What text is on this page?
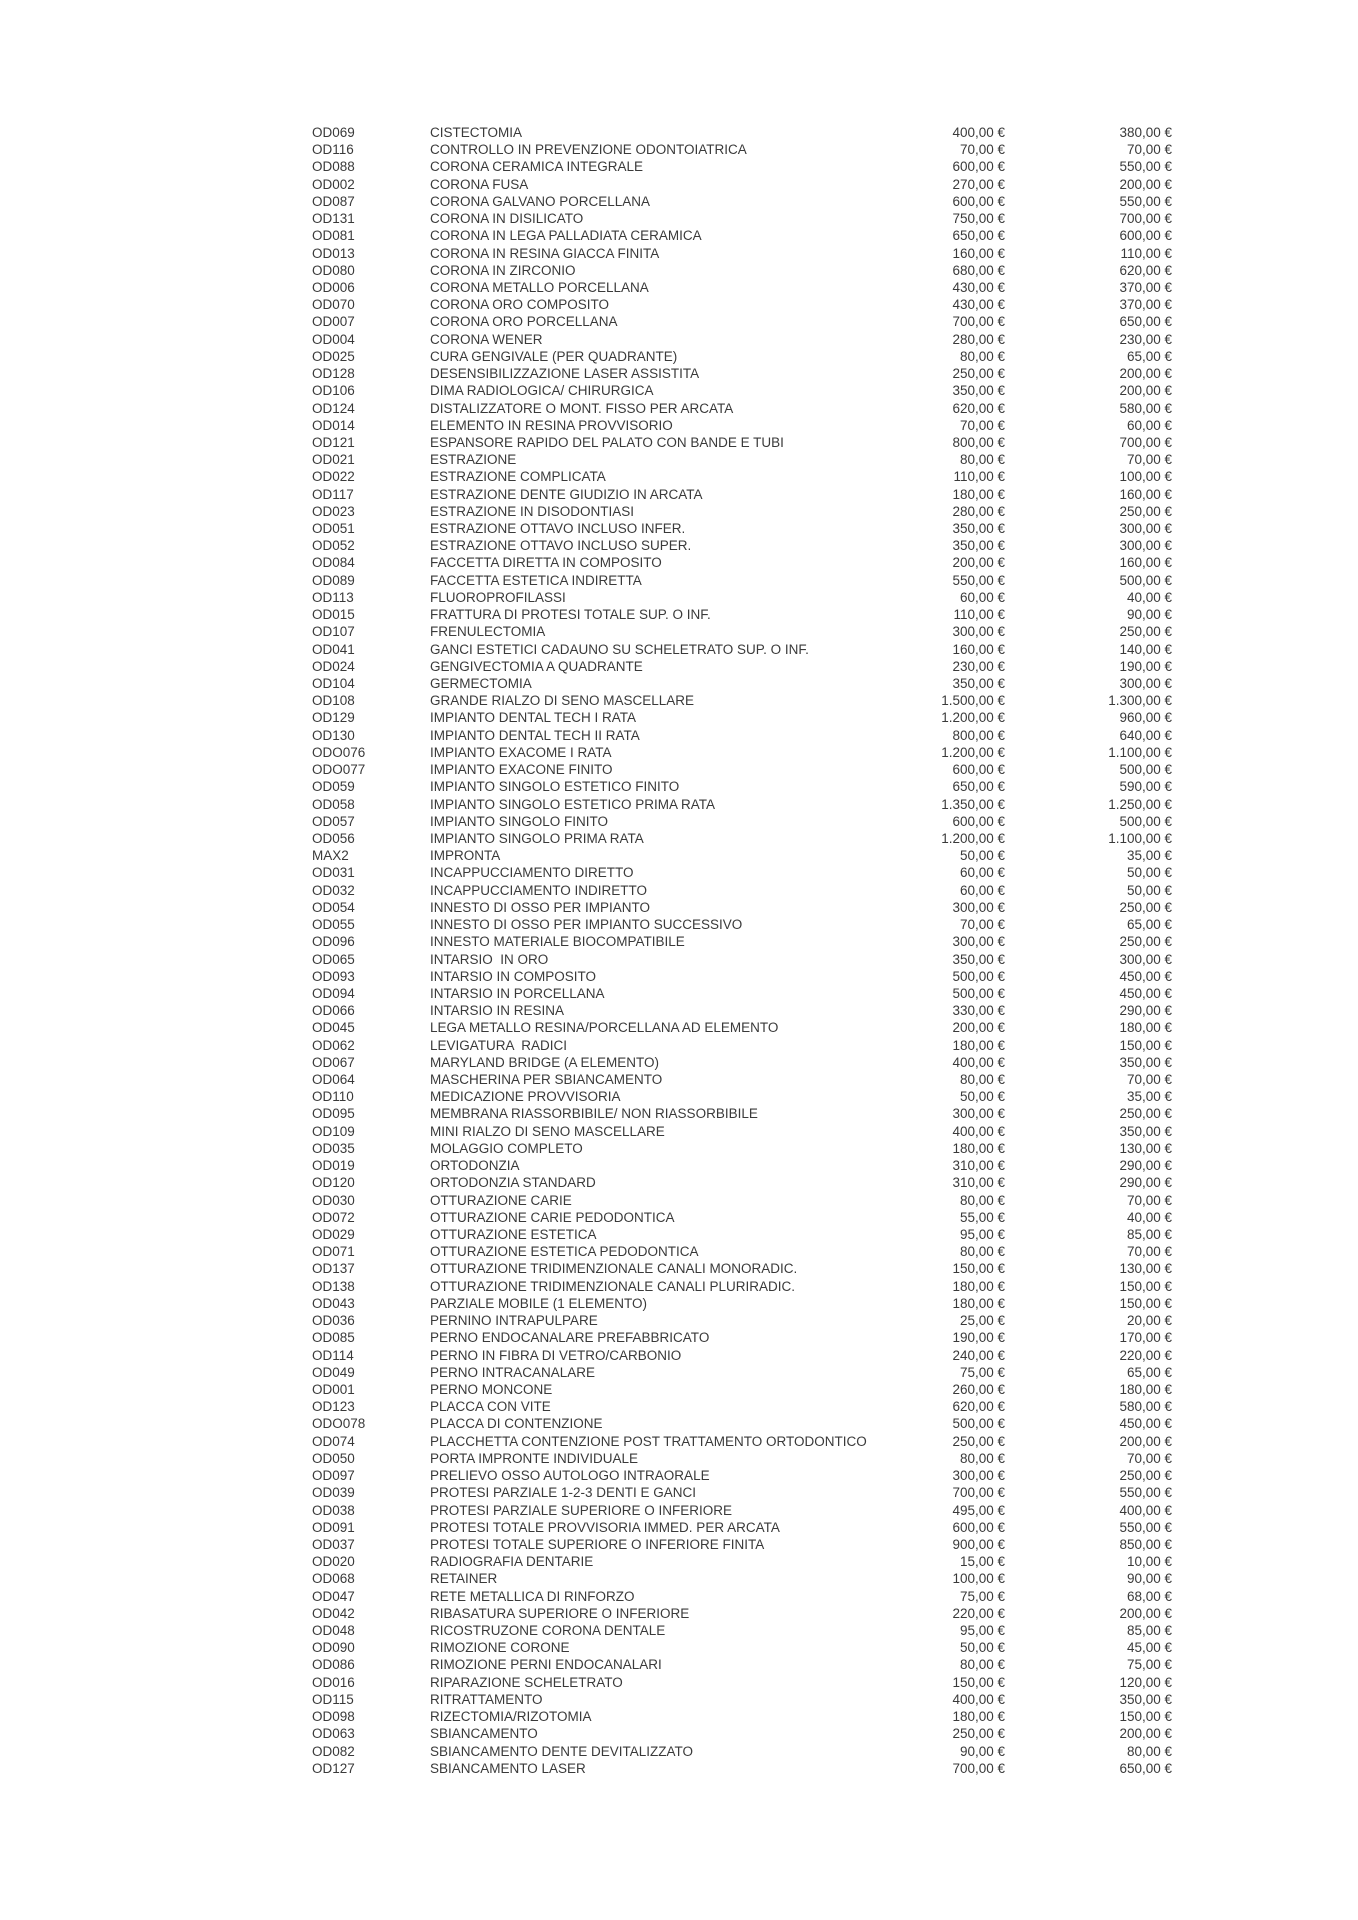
OD069	CISTECTOMIA	400,00 €	380,00 €
OD116	CONTROLLO IN PREVENZIONE ODONTOIATRICA	70,00 €	70,00 €
OD088	CORONA CERAMICA INTEGRALE	600,00 €	550,00 €
OD002	CORONA FUSA	270,00 €	200,00 €
OD087	CORONA GALVANO PORCELLANA	600,00 €	550,00 €
OD131	CORONA IN DISILICATO	750,00 €	700,00 €
OD081	CORONA IN LEGA PALLADIATA CERAMICA	650,00 €	600,00 €
OD013	CORONA IN RESINA GIACCA FINITA	160,00 €	110,00 €
OD080	CORONA IN ZIRCONIO	680,00 €	620,00 €
OD006	CORONA METALLO PORCELLANA	430,00 €	370,00 €
OD070	CORONA ORO COMPOSITO	430,00 €	370,00 €
OD007	CORONA ORO PORCELLANA	700,00 €	650,00 €
OD004	CORONA WENER	280,00 €	230,00 €
OD025	CURA GENGIVALE (PER QUADRANTE)	80,00 €	65,00 €
OD128	DESENSIBILIZZAZIONE LASER ASSISTITA	250,00 €	200,00 €
OD106	DIMA RADIOLOGICA/ CHIRURGICA	350,00 €	200,00 €
OD124	DISTALIZZATORE O MONT. FISSO PER ARCATA	620,00 €	580,00 €
OD014	ELEMENTO IN RESINA PROVVISORIO	70,00 €	60,00 €
OD121	ESPANSORE RAPIDO DEL PALATO CON BANDE E TUBI	800,00 €	700,00 €
OD021	ESTRAZIONE	80,00 €	70,00 €
OD022	ESTRAZIONE COMPLICATA	110,00 €	100,00 €
OD117	ESTRAZIONE DENTE GIUDIZIO IN ARCATA	180,00 €	160,00 €
OD023	ESTRAZIONE IN DISODONTIASI	280,00 €	250,00 €
OD051	ESTRAZIONE OTTAVO INCLUSO INFER.	350,00 €	300,00 €
OD052	ESTRAZIONE OTTAVO INCLUSO SUPER.	350,00 €	300,00 €
OD084	FACCETTA DIRETTA IN COMPOSITO	200,00 €	160,00 €
OD089	FACCETTA ESTETICA INDIRETTA	550,00 €	500,00 €
OD113	FLUOROPROFILASSI	60,00 €	40,00 €
OD015	FRATTURA DI PROTESI TOTALE SUP. O INF.	110,00 €	90,00 €
OD107	FRENULECTOMIA	300,00 €	250,00 €
OD041	GANCI ESTETICI CADAUNO SU SCHELETRATO SUP. O INF.	160,00 €	140,00 €
OD024	GENGIVECTOMIA A QUADRANTE	230,00 €	190,00 €
OD104	GERMECTOMIA	350,00 €	300,00 €
OD108	GRANDE RIALZO DI SENO MASCELLARE	1.500,00 €	1.300,00 €
OD129	IMPIANTO DENTAL TECH I RATA	1.200,00 €	960,00 €
OD130	IMPIANTO DENTAL TECH II RATA	800,00 €	640,00 €
ODO076	IMPIANTO EXACOME I RATA	1.200,00 €	1.100,00 €
ODO077	IMPIANTO EXACONE FINITO	600,00 €	500,00 €
OD059	IMPIANTO SINGOLO ESTETICO FINITO	650,00 €	590,00 €
OD058	IMPIANTO SINGOLO ESTETICO PRIMA RATA	1.350,00 €	1.250,00 €
OD057	IMPIANTO SINGOLO FINITO	600,00 €	500,00 €
OD056	IMPIANTO SINGOLO PRIMA RATA	1.200,00 €	1.100,00 €
MAX2	IMPRONTA	50,00 €	35,00 €
OD031	INCAPPUCCIAMENTO DIRETTO	60,00 €	50,00 €
OD032	INCAPPUCCIAMENTO INDIRETTO	60,00 €	50,00 €
OD054	INNESTO DI OSSO PER IMPIANTO	300,00 €	250,00 €
OD055	INNESTO DI OSSO PER IMPIANTO SUCCESSIVO	70,00 €	65,00 €
OD096	INNESTO MATERIALE BIOCOMPATIBILE	300,00 €	250,00 €
OD065	INTARSIO  IN ORO	350,00 €	300,00 €
OD093	INTARSIO IN COMPOSITO	500,00 €	450,00 €
OD094	INTARSIO IN PORCELLANA	500,00 €	450,00 €
OD066	INTARSIO IN RESINA	330,00 €	290,00 €
OD045	LEGA METALLO RESINA/PORCELLANA AD ELEMENTO	200,00 €	180,00 €
OD062	LEVIGATURA  RADICI	180,00 €	150,00 €
OD067	MARYLAND BRIDGE (A ELEMENTO)	400,00 €	350,00 €
OD064	MASCHERINA PER SBIANCAMENTO	80,00 €	70,00 €
OD110	MEDICAZIONE PROVVISORIA	50,00 €	35,00 €
OD095	MEMBRANA RIASSORBIBILE/ NON RIASSORBIBILE	300,00 €	250,00 €
OD109	MINI RIALZO DI SENO MASCELLARE	400,00 €	350,00 €
OD035	MOLAGGIO COMPLETO	180,00 €	130,00 €
OD019	ORTODONZIA	310,00 €	290,00 €
OD120	ORTODONZIA STANDARD	310,00 €	290,00 €
OD030	OTTURAZIONE CARIE	80,00 €	70,00 €
OD072	OTTURAZIONE CARIE PEDODONTICA	55,00 €	40,00 €
OD029	OTTURAZIONE ESTETICA	95,00 €	85,00 €
OD071	OTTURAZIONE ESTETICA PEDODONTICA	80,00 €	70,00 €
OD137	OTTURAZIONE TRIDIMENZIONALE CANALI MONORADIC.	150,00 €	130,00 €
OD138	OTTURAZIONE TRIDIMENZIONALE CANALI PLURIRADIC.	180,00 €	150,00 €
OD043	PARZIALE MOBILE (1 ELEMENTO)	180,00 €	150,00 €
OD036	PERNINO INTRAPULPARE	25,00 €	20,00 €
OD085	PERNO ENDOCANALARE PREFABBRICATO	190,00 €	170,00 €
OD114	PERNO IN FIBRA DI VETRO/CARBONIO	240,00 €	220,00 €
OD049	PERNO INTRACANALARE	75,00 €	65,00 €
OD001	PERNO MONCONE	260,00 €	180,00 €
OD123	PLACCA CON VITE	620,00 €	580,00 €
ODO078	PLACCA DI CONTENZIONE	500,00 €	450,00 €
OD074	PLACCHETTA CONTENZIONE POST TRATTAMENTO ORTODONTICO	250,00 €	200,00 €
OD050	PORTA IMPRONTE INDIVIDUALE	80,00 €	70,00 €
OD097	PRELIEVO OSSO AUTOLOGO INTRAORALE	300,00 €	250,00 €
OD039	PROTESI PARZIALE 1-2-3 DENTI E GANCI	700,00 €	550,00 €
OD038	PROTESI PARZIALE SUPERIORE O INFERIORE	495,00 €	400,00 €
OD091	PROTESI TOTALE PROVVISORIA IMMED. PER ARCATA	600,00 €	550,00 €
OD037	PROTESI TOTALE SUPERIORE O INFERIORE FINITA	900,00 €	850,00 €
OD020	RADIOGRAFIA DENTARIE	15,00 €	10,00 €
OD068	RETAINER	100,00 €	90,00 €
OD047	RETE METALLICA DI RINFORZO	75,00 €	68,00 €
OD042	RIBASATURA SUPERIORE O INFERIORE	220,00 €	200,00 €
OD048	RICOSTRUZONE CORONA DENTALE	95,00 €	85,00 €
OD090	RIMOZIONE CORONE	50,00 €	45,00 €
OD086	RIMOZIONE PERNI ENDOCANALARI	80,00 €	75,00 €
OD016	RIPARAZIONE SCHELETRATO	150,00 €	120,00 €
OD115	RITRATTAMENTO	400,00 €	350,00 €
OD098	RIZECTOMIA/RIZOTOMIA	180,00 €	150,00 €
OD063	SBIANCAMENTO	250,00 €	200,00 €
OD082	SBIANCAMENTO DENTE DEVITALIZZATO	90,00 €	80,00 €
OD127	SBIANCAMENTO LASER	700,00 €	650,00 €
